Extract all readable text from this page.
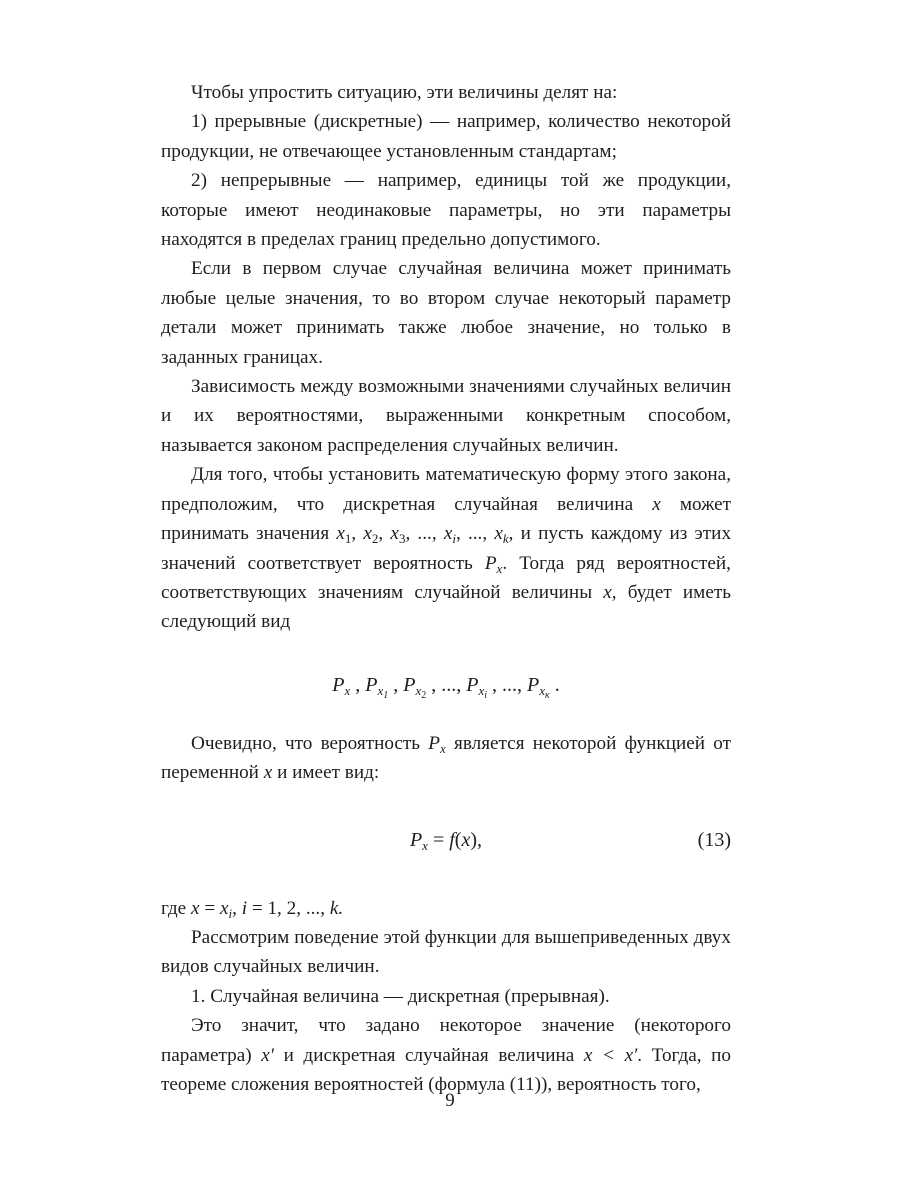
Чтобы упростить ситуацию, эти величины делят на:

1) прерывные (дискретные) — например, количество некоторой продукции, не отвечающее установленным стандартам;

2) непрерывные — например, единицы той же продукции, которые имеют неодинаковые параметры, но эти параметры находятся в пределах границ предельно допустимого.

Если в первом случае случайная величина может принимать любые целые значения, то во втором случае некоторый параметр детали может принимать также любое значение, но только в заданных границах.

Зависимость между возможными значениями случайных величин и их вероятностями, выраженными конкретным способом, называется законом распределения случайных величин.

Для того, чтобы установить математическую форму этого закона, предположим, что дискретная случайная величина x может принимать значения $x_1$, $x_2$, $x_3$, ..., $x_i$, ..., $x_k$, и пусть каждому из этих значений соответствует вероятность $P_x$. Тогда ряд вероятностей, соответствующих значениям случайной величины x, будет иметь следующий вид

$P_x$ , $P_{x_1}$ , $P_{x_2}$ , ..., $P_{x_i}$ , ..., $P_{x_к}$ .

Очевидно, что вероятность $P_x$ является некоторой функцией от переменной x и имеет вид:

$P_x = f(x)$,	(13)

где $x = x_i$, i = 1, 2, ..., k.

Рассмотрим поведение этой функции для вышеприведенных двух видов случайных величин.

1. Случайная величина — дискретная (прерывная).

Это значит, что задано некоторое значение (некоторого параметра) x′ и дискретная случайная величина x < x′. Тогда, по теореме сложения вероятностей (формула (11)), вероятность того,

9
